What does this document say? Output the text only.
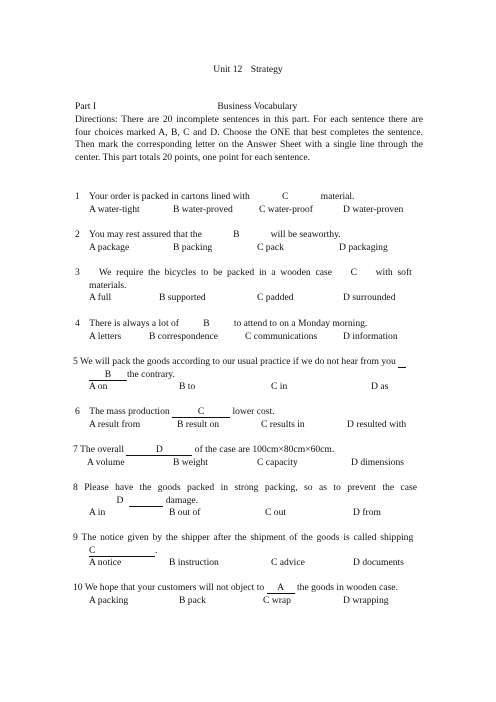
Unit 12 Strategy
Part I	Business Vocabulary
Directions: There are 20 incomplete sentences in this part. For each sentence there are four choices marked A, B, C and D. Choose the ONE that best completes the sentence. Then mark the corresponding letter on the Answer Sheet with a single line through the center. This part totals 20 points, one point for each sentence.
1 Your order is packed in cartons lined with	C	material.
A water-tight	B water-proved	C water-proof	D water-proven
2 You may rest assured that the	B	will be seaworthy.
A package	B packing	C pack	D packaging
3 We require the bicycles to be packed in a wooden case C with soft
materials.
A full	B supported	C padded	D surrounded
4 There is always a lot of	B	to attend to on a Monday morning.
A letters	B correspondence	C communications	D information
5 We will pack the goods according to our usual practice if we do not hear from you
B the contrary.
A on	B to	C in	D as
6 The mass production	C	lower cost.
A result from	B result on	C results in	D resulted with
7 The overall	D	of the case are 100cm×80cm×60cm.
A volume	B weight	C capacity	D dimensions
8 Please have the goods packed in strong packing, so as to prevent the case
D	damage.
A in	B out of	C out	D from
9 The notice given by the shipper after the shipment of the goods is called shipping
C	.
A notice	B instruction	C advice	D documents
10 We hope that your customers will not object to A the goods in wooden case.
A packing	B pack	C wrap	D wrapping
